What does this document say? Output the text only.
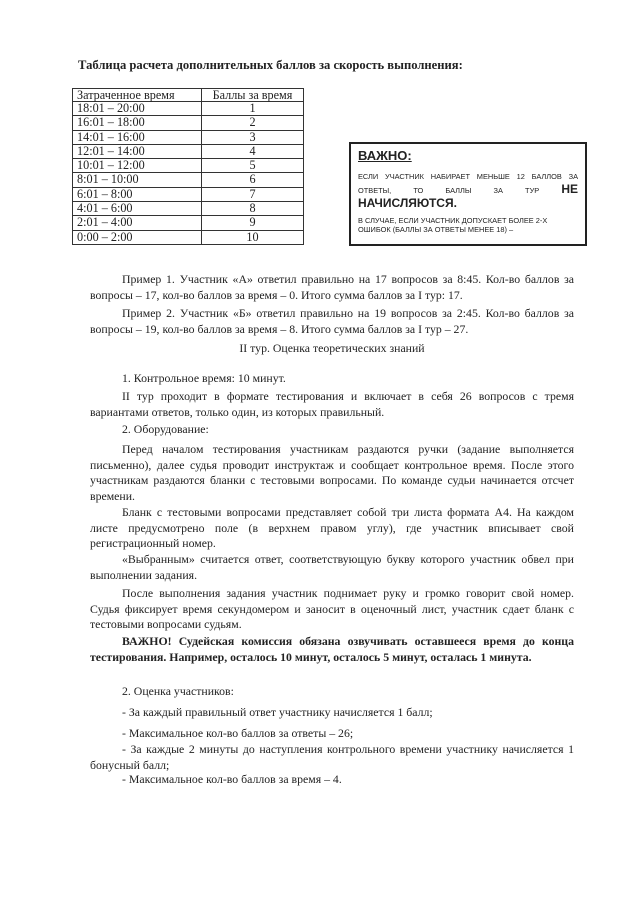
Таблица расчета дополнительных баллов за скорость выполнения:
Затраченное время	Баллы за время
18:01 – 20:00	1
16:01 – 18:00	2
14:01 – 16:00	3
12:01 – 14:00	4
10:01 – 12:00	5
8:01 – 10:00	6
6:01 – 8:00	7
4:01 – 6:00	8
2:01 – 4:00	9
0:00 – 2:00	10
ВАЖНО:
ЕСЛИ УЧАСТНИК НАБИРАЕТ МЕНЬШЕ 12 БАЛЛОВ ЗА ОТВЕТЫ, ТО БАЛЛЫ ЗА ТУР НЕ НАЧИСЛЯЮТСЯ.
В СЛУЧАЕ, ЕСЛИ УЧАСТНИК ДОПУСКАЕТ БОЛЕЕ 2-Х ОШИБОК (БАЛЛЫ ЗА ОТВЕТЫ МЕНЕЕ 18) –
Пример 1. Участник «А» ответил правильно на 17 вопросов за 8:45. Кол-во баллов за вопросы – 17, кол-во баллов за время – 0. Итого сумма баллов за I тур: 17.
Пример 2. Участник «Б» ответил правильно на 19 вопросов за 2:45. Кол-во баллов за вопросы – 19, кол-во баллов за время – 8. Итого сумма баллов за I тур – 27.
II тур. Оценка теоретических знаний
1. Контрольное время: 10 минут.
II тур проходит в формате тестирования и включает в себя 26 вопросов с тремя вариантами ответов, только один, из которых правильный.
2. Оборудование:
Перед началом тестирования участникам раздаются ручки (задание выполняется письменно), далее судья проводит инструктаж и сообщает контрольное время. После этого участникам раздаются бланки с тестовыми вопросами. По команде судьи начинается отсчет времени.
Бланк с тестовыми вопросами представляет собой три листа формата А4. На каждом листе предусмотрено поле (в верхнем правом углу), где участник вписывает свой регистрационный номер.
«Выбранным» считается ответ, соответствующую букву которого участник обвел при выполнении задания.
После выполнения задания участник поднимает руку и громко говорит свой номер. Судья фиксирует время секундомером и заносит в оценочный лист, участник сдает бланк с тестовыми вопросами судьям.
ВАЖНО! Судейская комиссия обязана озвучивать оставшееся время до конца тестирования. Например, осталось 10 минут, осталось 5 минут, осталась 1 минута.
2. Оценка участников:
- За каждый правильный ответ участнику начисляется 1 балл;
- Максимальное кол-во баллов за ответы – 26;
- За каждые 2 минуты до наступления контрольного времени участнику начисляется 1 бонусный балл;
- Максимальное кол-во баллов за время – 4.
